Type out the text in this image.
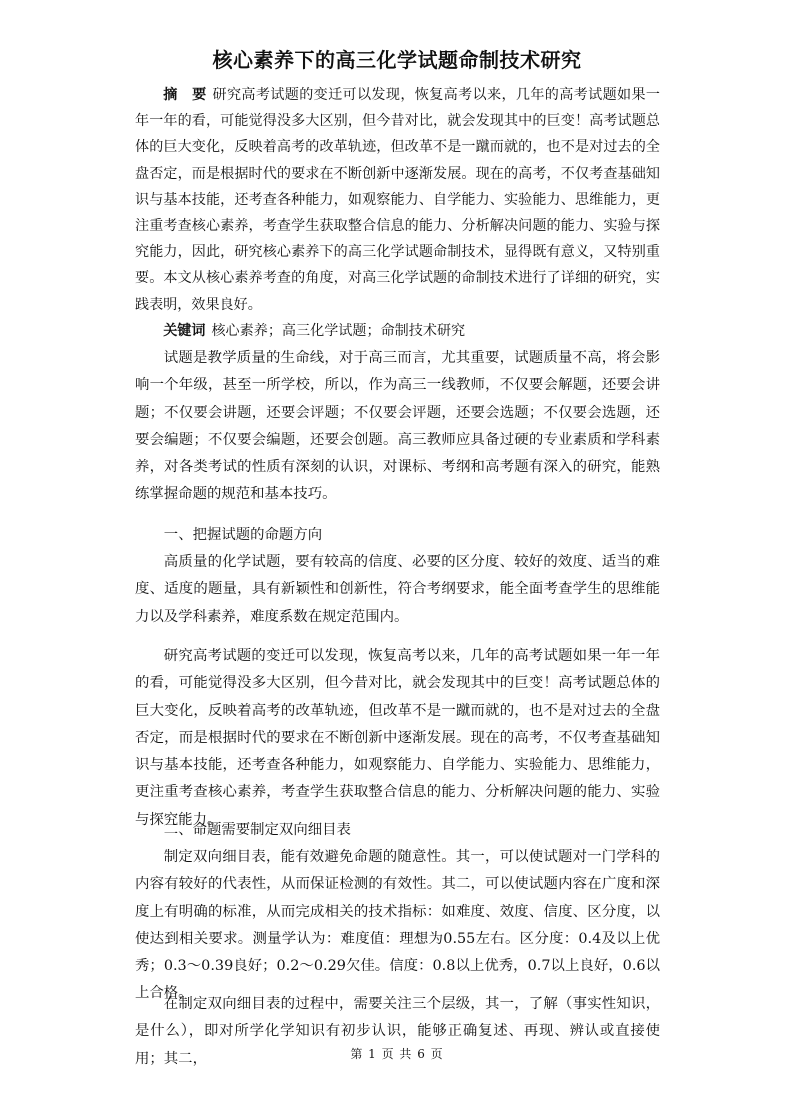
核心素养下的高三化学试题命制技术研究
摘　要 研究高考试题的变迁可以发现，恢复高考以来，几年的高考试题如果一年一年的看，可能觉得没多大区别，但今昔对比，就会发现其中的巨变！高考试题总体的巨大变化，反映着高考的改革轨迹，但改革不是一蹴而就的，也不是对过去的全盘否定，而是根据时代的要求在不断创新中逐渐发展。现在的高考，不仅考查基础知识与基本技能，还考查各种能力，如观察能力、自学能力、实验能力、思维能力，更注重考查核心素养，考查学生获取整合信息的能力、分析解决问题的能力、实验与探究能力，因此，研究核心素养下的高三化学试题命制技术，显得既有意义，又特别重要。本文从核心素养考查的角度，对高三化学试题的命制技术进行了详细的研究，实践表明，效果良好。
关键词 核心素养；高三化学试题；命制技术研究
试题是教学质量的生命线，对于高三而言，尤其重要，试题质量不高，将会影响一个年级，甚至一所学校，所以，作为高三一线教师，不仅要会解题，还要会讲题；不仅要会讲题，还要会评题；不仅要会评题，还要会选题；不仅要会选题，还要会编题；不仅要会编题，还要会创题。高三教师应具备过硬的专业素质和学科素养，对各类考试的性质有深刻的认识，对课标、考纲和高考题有深入的研究，能熟练掌握命题的规范和基本技巧。
一、把握试题的命题方向
高质量的化学试题，要有较高的信度、必要的区分度、较好的效度、适当的难度、适度的题量，具有新颖性和创新性，符合考纲要求，能全面考查学生的思维能力以及学科素养，难度系数在规定范围内。
研究高考试题的变迁可以发现，恢复高考以来，几年的高考试题如果一年一年的看，可能觉得没多大区别，但今昔对比，就会发现其中的巨变！高考试题总体的巨大变化，反映着高考的改革轨迹，但改革不是一蹴而就的，也不是对过去的全盘否定，而是根据时代的要求在不断创新中逐渐发展。现在的高考，不仅考查基础知识与基本技能，还考查各种能力，如观察能力、自学能力、实验能力、思维能力，更注重考查核心素养，考查学生获取整合信息的能力、分析解决问题的能力、实验与探究能力。
二、命题需要制定双向细目表
制定双向细目表，能有效避免命题的随意性。其一，可以使试题对一门学科的内容有较好的代表性，从而保证检测的有效性。其二，可以使试题内容在广度和深度上有明确的标准，从而完成相关的技术指标：如难度、效度、信度、区分度，以使达到相关要求。测量学认为：难度值：理想为0.55左右。区分度：0.4及以上优秀；0.3～0.39良好；0.2～0.29欠佳。信度：0.8以上优秀，0.7以上良好，0.6以上合格。
在制定双向细目表的过程中，需要关注三个层级，其一，了解（事实性知识，是什么），即对所学化学知识有初步认识，能够正确复述、再现、辨认或直接使用；其二，	第 1 页 共 6 页
